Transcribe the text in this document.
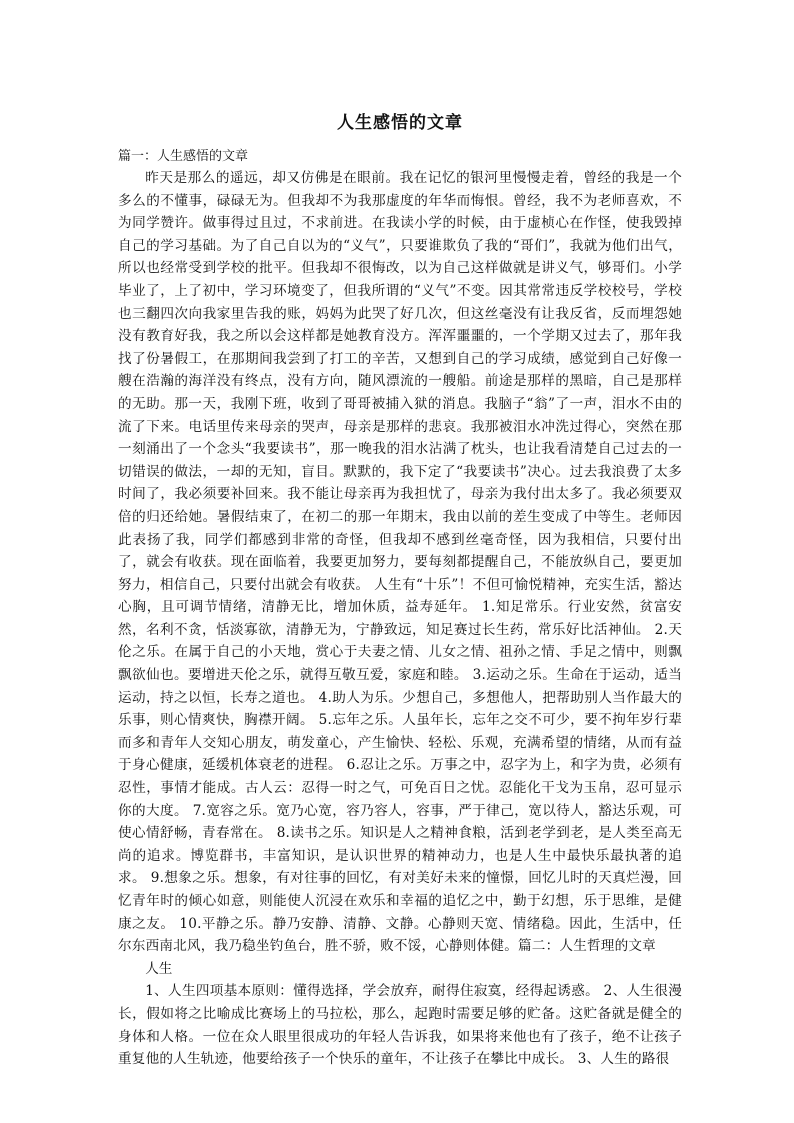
人生感悟的文章

篇一：人生感悟的文章

昨天是那么的遥远，却又仿佛是在眼前。我在记忆的银河里慢慢走着，曾经的我是一个多么的不懂事，碌碌无为。但我却不为我那虚度的年华而悔恨。曾经，我不为老师喜欢，不为同学赞许。做事得过且过，不求前进。在我读小学的时候，由于虚桢心在作怪，使我毁掉自己的学习基础。为了自己自以为的“义气”，只要谁欺负了我的“哥们”，我就为他们出气，所以也经常受到学校的批平。但我却不很悔改，以为自己这样做就是讲义气，够哥们。小学毕业了，上了初中，学习环境变了，但我所谓的“义气”不变。因其常常违反学校校号，学校也三翻四次向我家里告我的账，妈妈为此哭了好几次，但这丝毫没有让我反省，反而埋怨她没有教育好我，我之所以会这样都是她教育没方。浑浑噩噩的，一个学期又过去了，那年我找了份暑假工，在那期间我尝到了打工的辛苦，又想到自己的学习成绩，感觉到自己好像一艘在浩瀚的海洋没有终点，没有方向，随风漂流的一艘船。前途是那样的黑暗，自己是那样的无助。那一天，我刚下班，收到了哥哥被捕入狱的消息。我脑子“翁”了一声，泪水不由的流了下来。电话里传来母亲的哭声，母亲是那样的悲哀。我那被泪水冲洗过得心，突然在那一刻涌出了一个念头“我要读书”，那一晚我的泪水沾满了枕头，也让我看清楚自己过去的一切错误的做法，一却的无知，盲目。默默的，我下定了“我要读书”决心。过去我浪费了太多时间了，我必须要补回来。我不能让母亲再为我担忧了，母亲为我付出太多了。我必须要双倍的归还给她。暑假结束了，在初二的那一年期末，我由以前的差生变成了中等生。老师因此表扬了我，同学们都感到非常的奇怪，但我却不感到丝毫奇怪，因为我相信，只要付出了，就会有收获。现在面临着，我要更加努力，要每刻都提醒自己，不能放纵自己，要更加努力，相信自己，只要付出就会有收获。 人生有“十乐”！不但可愉悦精神，充实生活，豁达心胸，且可调节情绪，清静无比，增加休质，益寿延年。 1.知足常乐。行业安然，贫富安然，名利不贪，恬淡寡欲，清静无为，宁静致远，知足赛过长生药，常乐好比活神仙。 2.天伦之乐。在属于自己的小天地，赏心于夫妻之情、儿女之情、祖孙之情、手足之情中，则飘飘欲仙也。要增进天伦之乐，就得互敬互爱，家庭和睦。 3.运动之乐。生命在于运动，适当运动，持之以恒，长寿之道也。 4.助人为乐。少想自己，多想他人，把帮助别人当作最大的乐事，则心情爽快，胸襟开阔。 5.忘年之乐。人虽年长，忘年之交不可少，要不拘年岁行辈而多和青年人交知心朋友，萌发童心，产生愉快、轻松、乐观，充满希望的情绪，从而有益于身心健康，延缓机体衰老的进程。 6.忍让之乐。万事之中，忍字为上，和字为贵，必须有忍性，事情才能成。古人云：忍得一时之气，可免百日之忧。忍能化干戈为玉帛，忍可显示你的大度。 7.宽容之乐。宽乃心宽，容乃容人，容事，严于律己，宽以待人，豁达乐观，可使心情舒畅，青春常在。 8.读书之乐。知识是人之精神食粮，活到老学到老，是人类至高无尚的追求。博览群书，丰富知识，是认识世界的精神动力，也是人生中最快乐最执著的追求。 9.想象之乐。想象，有对往事的回忆，有对美好未来的憧憬，回忆儿时的天真烂漫，回忆青年时的倾心如意，则能使人沉浸在欢乐和幸福的追忆之中，勤于幻想，乐于思维，是健康之友。 10.平静之乐。静乃安静、清静、文静。心静则天宽、情绪稳。因此，生活中，任尔东西南北风，我乃稳坐钓鱼台，胜不骄，败不馁，心静则体健。篇二：人生哲理的文章

人生

1、人生四项基本原则：懂得选择，学会放弃，耐得住寂寞，经得起诱惑。 2、人生很漫长，假如将之比喻成比赛场上的马拉松，那么，起跑时需要足够的贮备。这贮备就是健全的身体和人格。一位在众人眼里很成功的年轻人告诉我，如果将来他也有了孩子，绝不让孩子重复他的人生轨迹，他要给孩子一个快乐的童年，不让孩子在攀比中成长。 3、人生的路很
